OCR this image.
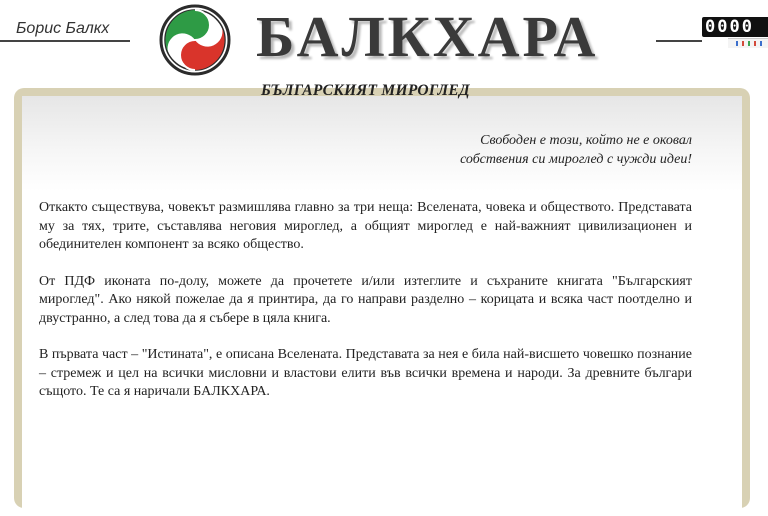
Борис Балкх	БАЛКХАРА	0000
БЪЛГАРСКИЯТ МИРОГЛЕД
Свободен е този, който не е оковал
собствения си мироглед с чужди идеи!

Откакто съществува, човекът размишлява главно за три неща: Вселената, човека и обществото. Представата му за тях, трите, съставлява неговия мироглед, а общият мироглед е най-важният цивилизационен и обединителен компонент за всяко общество.

От ПДФ иконата по-долу, можете да прочетете и/или изтеглите и съхраните книгата "Българският мироглед". Ако някой пожелае да я принтира, да го направи разделно – корицата и всяка част поотделно и двустранно, а след това да я събере в цяла книга.

В първата част – "Истината", е описана Вселената. Представата за нея е била най-висшето човешко познание – стремеж и цел на всички мисловни и властови елити във всички времена и народи. За древните българи същото. Те са я наричали БАЛКХАРА.
